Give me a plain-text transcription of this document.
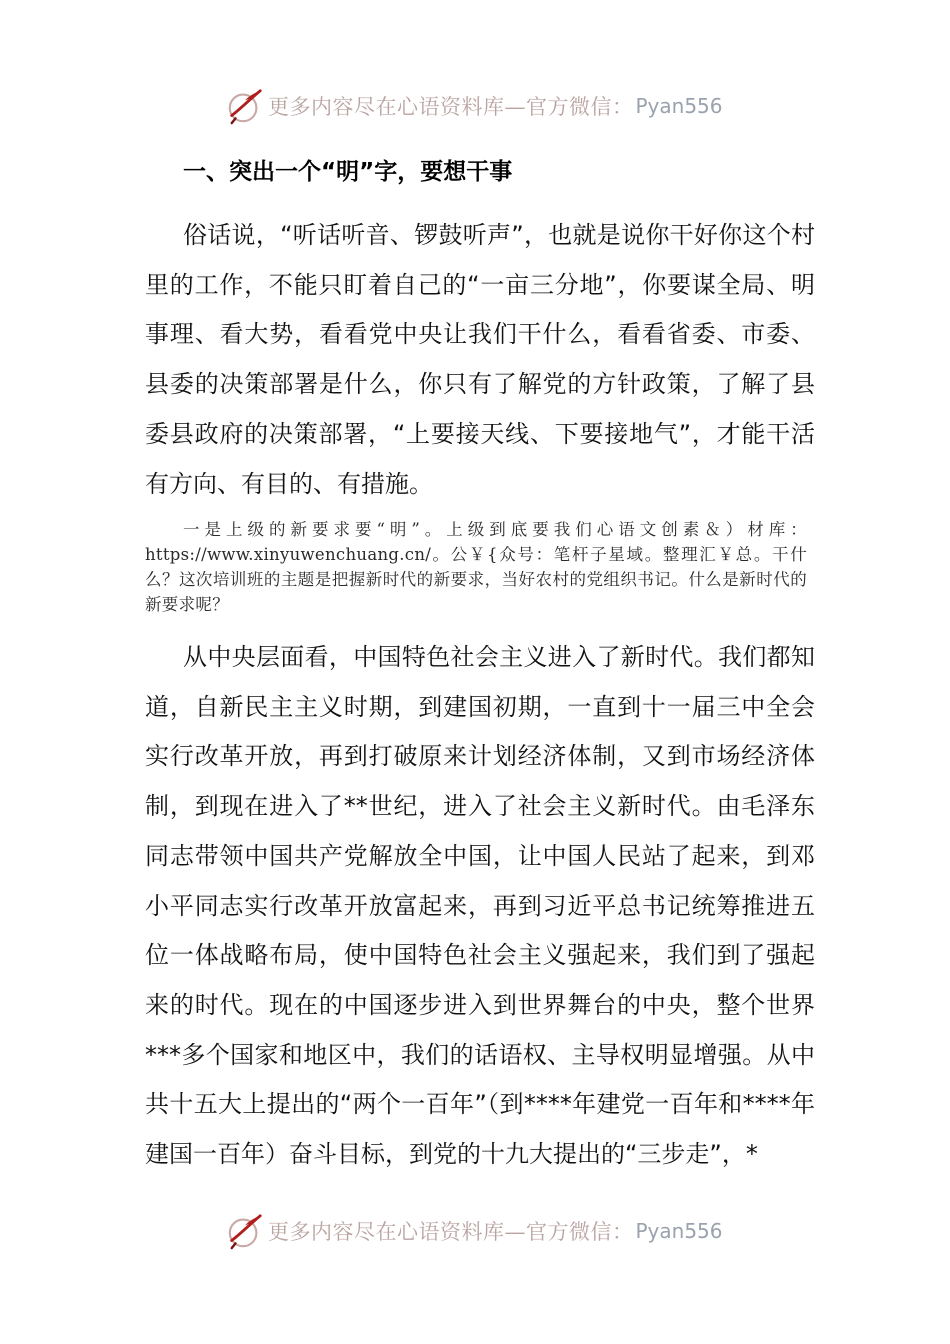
更多内容尽在心语资料库—官方微信： Pyan556
一、突出一个“明”字，要想干事
俗话说，“听话听音、锣鼓听声”，也就是说你干好你这个村里的工作，不能只盯着自己的“一亩三分地”，你要谋全局、明事理、看大势，看看党中央让我们干什么，看看省委、市委、县委的决策部署是什么，你只有了解党的方针政策，了解了县委县政府的决策部署，“上要接天线、下要接地气”，才能干活有方向、有目的、有措施。
一是上级的新要求要“明”。上级到底要我们心语文创素＆）材库：https://www.xinyuwenchuang.cn/。公￥{众号：笔杆子星域。整理汇￥总。干什么？这次培训班的主题是把握新时代的新要求，当好农村的党组织书记。什么是新时代的新要求呢？
从中央层面看，中国特色社会主义进入了新时代。我们都知道，自新民主主义时期，到建国初期，一直到十一届三中全会实行改革开放，再到打破原来计划经济体制，又到市场经济体制，到现在进入了**世纪，进入了社会主义新时代。由毛泽东同志带领中国共产党解放全中国，让中国人民站了起来，到邓小平同志实行改革开放富起来，再到习近平总书记统筹推进五位一体战略布局，使中国特色社会主义强起来，我们到了强起来的时代。现在的中国逐步进入到世界舞台的中央，整个世界***多个国家和地区中，我们的话语权、主导权明显增强。从中共十五大上提出的“两个一百年”（到****年建党一百年和****年建国一百年）奋斗目标，到党的十九大提出的“三步走”，*
更多内容尽在心语资料库—官方微信： Pyan556
